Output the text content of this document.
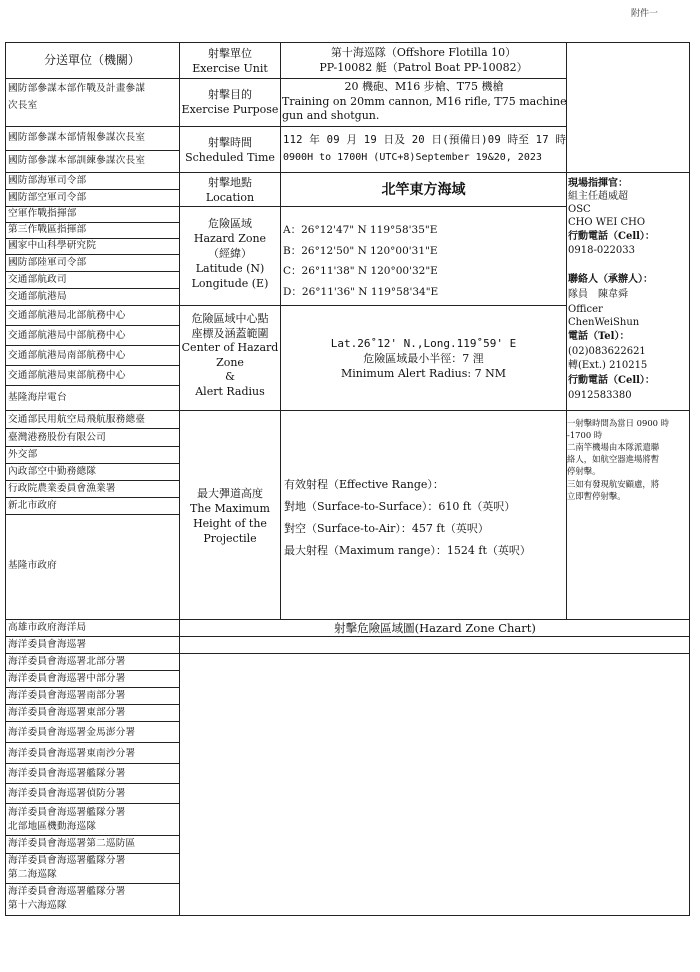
附件一
分送單位（機關）	射擊單位
Exercise Unit
第十海巡隊（Offshore Flotilla 10）
PP-10082 艇（Patrol Boat PP-10082）
射擊目的
Exercise Purpose
20 機砲、M16 步槍、T75 機槍
Training on 20mm cannon, M16 rifle, T75 machine
gun and shotgun.
射擊時間
Scheduled Time
112 年 09 月 19 日及 20 日(預備日)09 時至 17 時
0900H to 1700H (UTC+8)September 19&20, 2023
射擊地點
Location	北竿東方海域
危險區域
Hazard Zone
（經緯）
Latitude (N)
Longitude (E)
A：26°12'47" N 119°58'35"E
B：26°12'50" N 120°00'31"E
C：26°11'38" N 120°00'32"E
D：26°11'36" N 119°58'34"E
危險區域中心點
座標及涵蓋範圍
Center of Hazard
Zone
&
Alert Radius
Lat.26˚12' N.,Long.119˚59' E
危險區域最小半徑：7 浬
Minimum Alert Radius: 7 NM
最大彈道高度
The Maximum
Height of the
Projectile
有效射程（Effective Range）：
對地（Surface-to-Surface）：610 ft（英呎）
對空（Surface-to-Air）：457 ft（英呎）
最大射程（Maximum range）：1524 ft（英呎）
現場指揮官：
組主任趙威超
OSC
CHO WEI CHO
行動電話（Cell）：
0918-022033
聯絡人（承辦人）：
隊員　陳韋舜
Officer
ChenWeiShun
電話（Tel）：
(02)083622621
轉(Ext.) 210215
行動電話（Cell）：
0912583380
一射擊時間為當日 0900 時
-1700 時
二南竿機場由本隊派遣聯
絡人，如航空器進場將暫
停射擊。
三如有發現航安顧慮，將
立即暫停射擊。
射擊危險區域圖(Hazard Zone Chart)
國防部參謀本部作戰及計畫參謀
次長室
國防部參謀本部情報參謀次長室
國防部參謀本部訓練參謀次長室
國防部海軍司令部
國防部空軍司令部
空軍作戰指揮部
第三作戰區指揮部
國家中山科學研究院
國防部陸軍司令部
交通部航政司
交通部航港局
交通部航港局北部航務中心
交通部航港局中部航務中心
交通部航港局南部航務中心
交通部航港局東部航務中心
基隆海岸電台
交通部民用航空局飛航服務總臺
臺灣港務股份有限公司
外交部
內政部空中勤務總隊
行政院農業委員會漁業署
新北市政府
基隆市政府
高雄市政府海洋局
海洋委員會海巡署
海洋委員會海巡署北部分署
海洋委員會海巡署中部分署
海洋委員會海巡署南部分署
海洋委員會海巡署東部分署
海洋委員會海巡署金馬澎分署
海洋委員會海巡署東南沙分署
海洋委員會海巡署艦隊分署
海洋委員會海巡署偵防分署
海洋委員會海巡署艦隊分署
北部地區機動海巡隊
海洋委員會海巡署第二巡防區
海洋委員會海巡署艦隊分署
第二海巡隊
海洋委員會海巡署艦隊分署
第十六海巡隊
